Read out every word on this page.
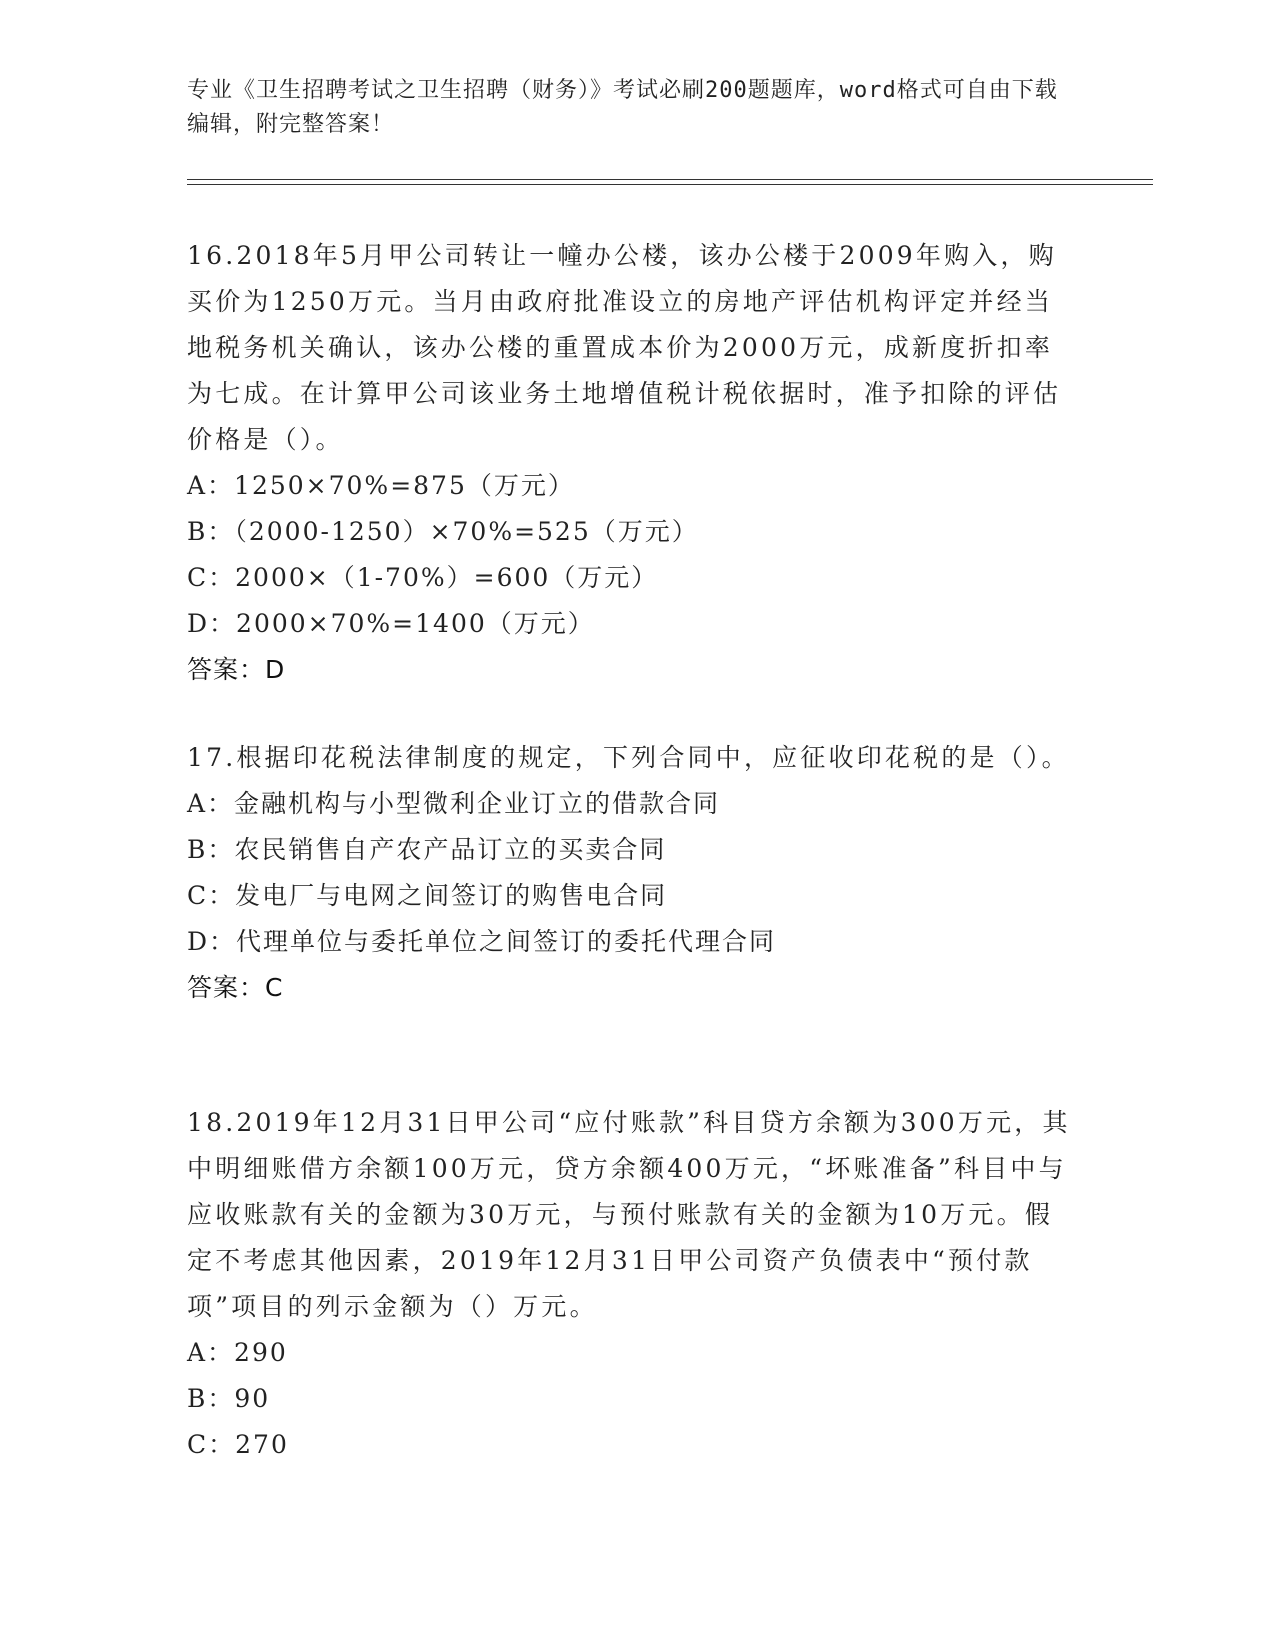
专业《卫生招聘考试之卫生招聘（财务）》考试必刷200题题库，word格式可自由下载编辑，附完整答案！

16.2018年5月甲公司转让一幢办公楼，该办公楼于2009年购入，购买价为1250万元。当月由政府批准设立的房地产评估机构评定并经当地税务机关确认，该办公楼的重置成本价为2000万元，成新度折扣率为七成。在计算甲公司该业务土地增值税计税依据时，准予扣除的评估价格是（）。

A：1250×70%=875（万元）

B：（2000-1250）×70%=525（万元）

C：2000×（1-70%）=600（万元）

D：2000×70%=1400（万元）

答案：D

17.根据印花税法律制度的规定，下列合同中，应征收印花税的是（）。

A：金融机构与小型微利企业订立的借款合同

B：农民销售自产农产品订立的买卖合同

C：发电厂与电网之间签订的购售电合同

D：代理单位与委托单位之间签订的委托代理合同

答案：C

18.2019年12月31日甲公司“应付账款”科目贷方余额为300万元，其中明细账借方余额100万元，贷方余额400万元，“坏账准备”科目中与应收账款有关的金额为30万元，与预付账款有关的金额为10万元。假定不考虑其他因素，2019年12月31日甲公司资产负债表中“预付款项”项目的列示金额为（）万元。

A：290

B：90

C：270
